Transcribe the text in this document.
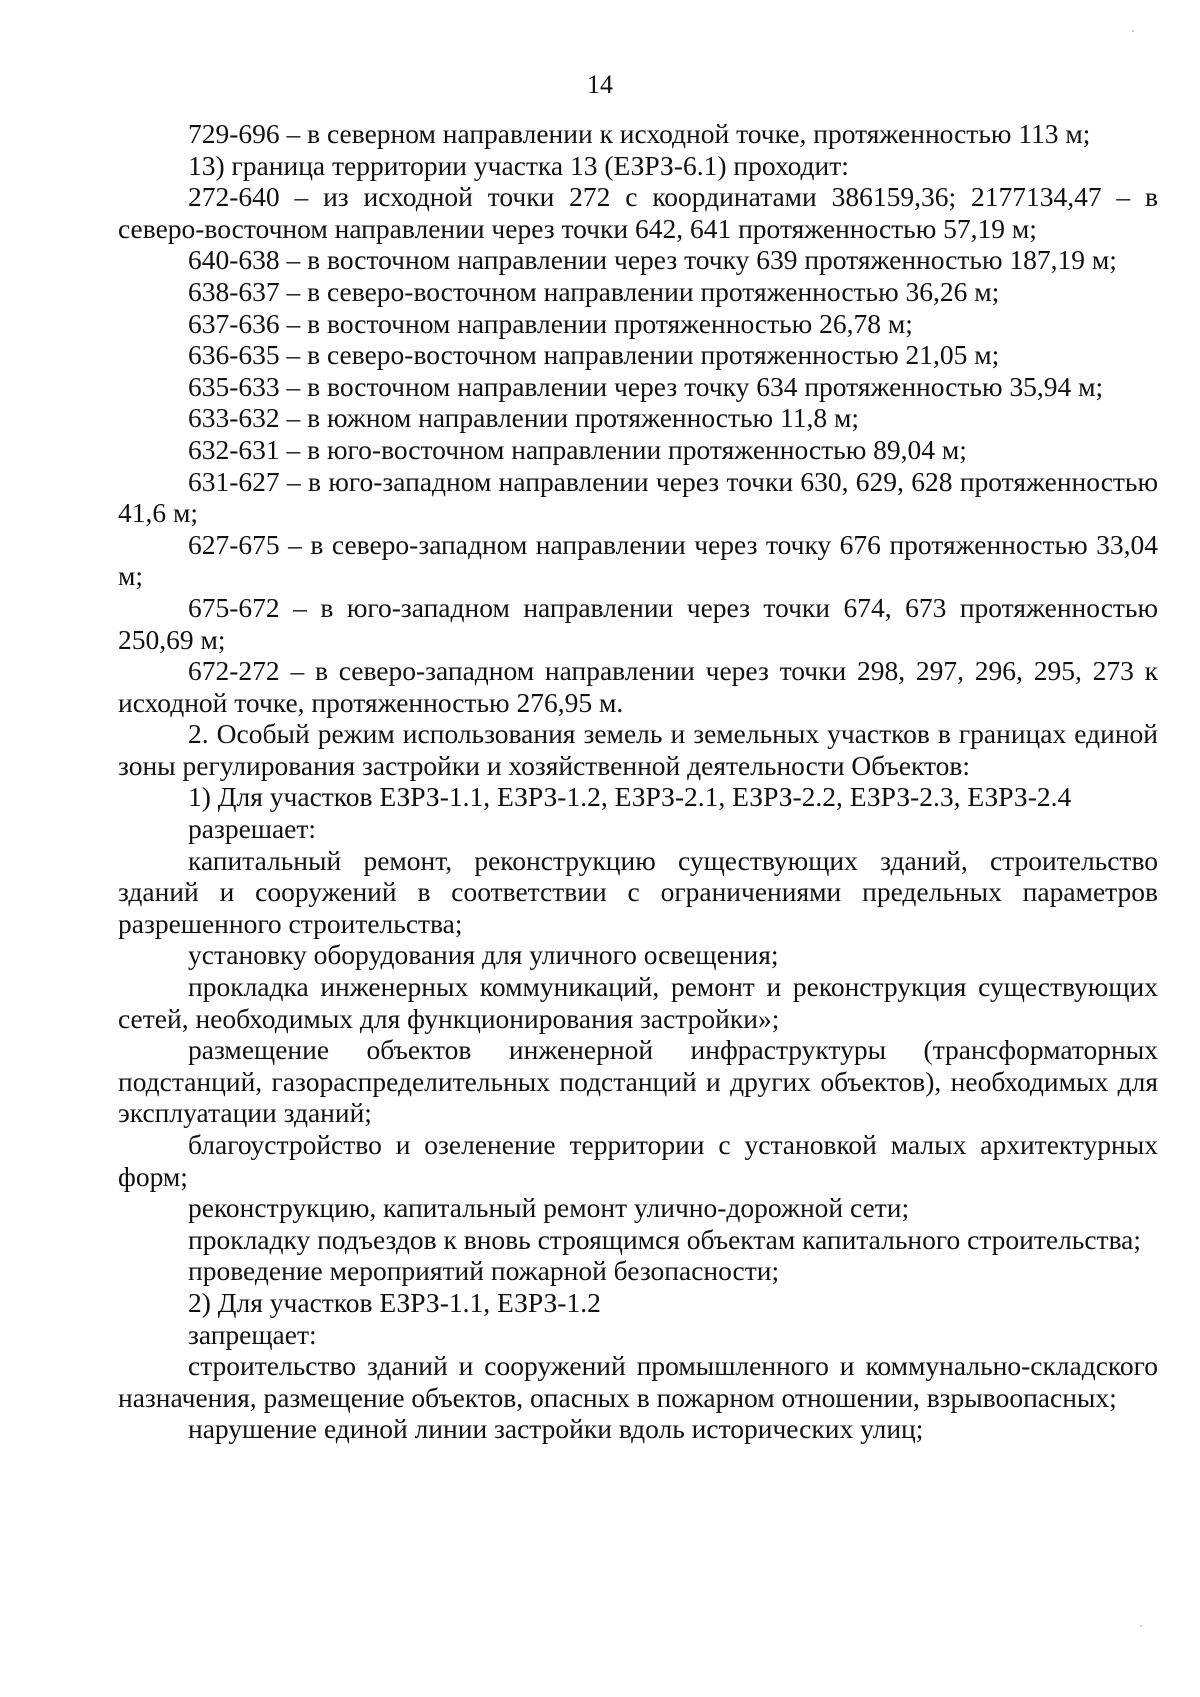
14

729-696 – в северном направлении к исходной точке, протяженностью 113 м;

13) граница территории участка 13 (ЕЗРЗ-6.1) проходит:

272-640 – из исходной точки 272 с координатами 386159,36; 2177134,47 – в северо-восточном направлении через точки 642, 641 протяженностью 57,19 м;

640-638 – в восточном направлении через точку 639 протяженностью 187,19 м;

638-637 – в северо-восточном направлении протяженностью 36,26 м;

637-636 – в восточном направлении протяженностью 26,78 м;

636-635 – в северо-восточном направлении протяженностью 21,05 м;

635-633 – в восточном направлении через точку 634 протяженностью 35,94 м;

633-632 – в южном направлении протяженностью 11,8 м;

632-631 – в юго-восточном направлении протяженностью 89,04 м;

631-627 – в юго-западном направлении через точки 630, 629, 628 протяженностью 41,6 м;

627-675 – в северо-западном направлении через точку 676 протяженностью 33,04 м;

675-672 – в юго-западном направлении через точки 674, 673 протяженностью 250,69 м;

672-272 – в северо-западном направлении через точки 298, 297, 296, 295, 273 к исходной точке, протяженностью 276,95 м.

2. Особый режим использования земель и земельных участков в границах единой зоны регулирования застройки и хозяйственной деятельности Объектов:

1) Для участков ЕЗРЗ-1.1, ЕЗРЗ-1.2, ЕЗРЗ-2.1, ЕЗРЗ-2.2, ЕЗРЗ-2.3, ЕЗРЗ-2.4

разрешает:

капитальный ремонт, реконструкцию существующих зданий, строительство зданий и сооружений в соответствии с ограничениями предельных параметров разрешенного строительства;

установку оборудования для уличного освещения;

прокладка инженерных коммуникаций, ремонт и реконструкция существующих сетей, необходимых для функционирования застройки»;

размещение объектов инженерной инфраструктуры (трансформаторных подстанций, газораспределительных подстанций и других объектов), необходимых для эксплуатации зданий;

благоустройство и озеленение территории с установкой малых архитектурных форм;

реконструкцию, капитальный ремонт улично-дорожной сети;

прокладку подъездов к вновь строящимся объектам капитального строительства;

проведение мероприятий пожарной безопасности;

2) Для участков ЕЗРЗ-1.1, ЕЗРЗ-1.2

запрещает:

строительство зданий и сооружений промышленного и коммунально-складского назначения, размещение объектов, опасных в пожарном отношении, взрывоопасных;

нарушение единой линии застройки вдоль исторических улиц;
